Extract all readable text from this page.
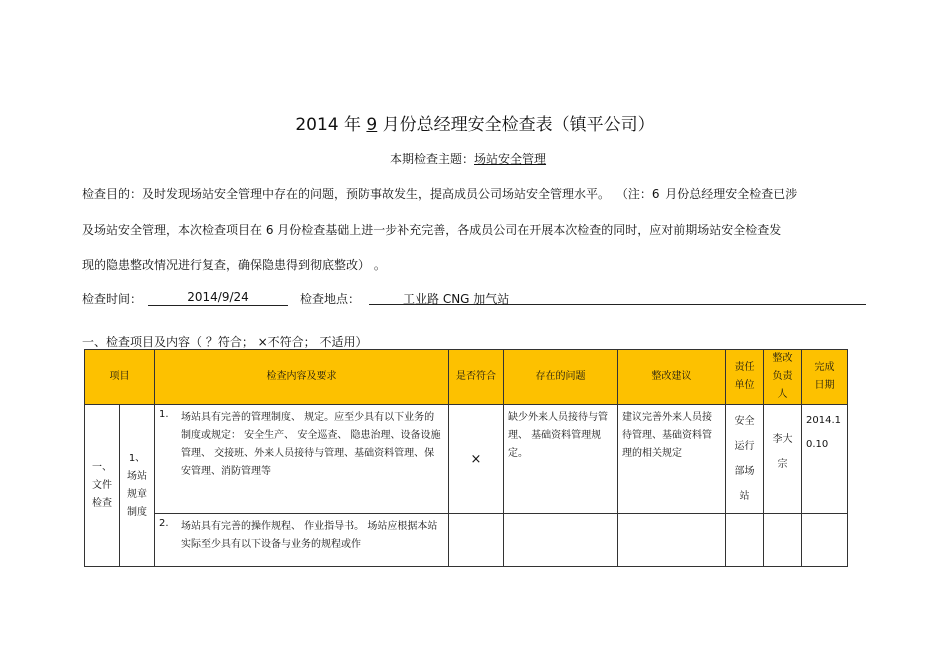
2014 年 9 月份总经理安全检查表（镇平公司）
本期检查主题：场站安全管理
检查目的：及时发现场站安全管理中存在的问题，预防事故发生，提高成员公司场站安全管理水平。 （注：6 月份总经理安全检查已涉
及场站安全管理，本次检查项目在 6 月份检查基础上进一步补充完善，各成员公司在开展本次检查的同时，应对前期场站安全检查发
现的隐患整改情况进行复查，确保隐患得到彻底整改） 。
检查时间：	2014/9/24	检查地点：	工业路 CNG 加气站
一、检查项目及内容（ ？符合； ×不符合； 不适用）
项目		检查内容及要求	是否符合	存在的问题	整改建议	责任单位	整改负责人	完成日期
一、文件检查	1、场站规章制度	1. 场站具有完善的管理制度、 规定。应至少具有以下业务的制度或规定： 安全生产、 安全巡查、 隐患治理、设备设施管理、 交接班、外来人员接待与管理、基础资料管理、保安管理、消防管理等	×	缺少外来人员接待与管理、 基础资料管理规定。	建议完善外来人员接待管理、基础资料管理的相关规定	安全运行部场站	李大宗	2014.10.10

		2. 场站具有完善的操作规程、 作业指导书。 场站应根据本站实际至少具有以下设备与业务的规程或作						
